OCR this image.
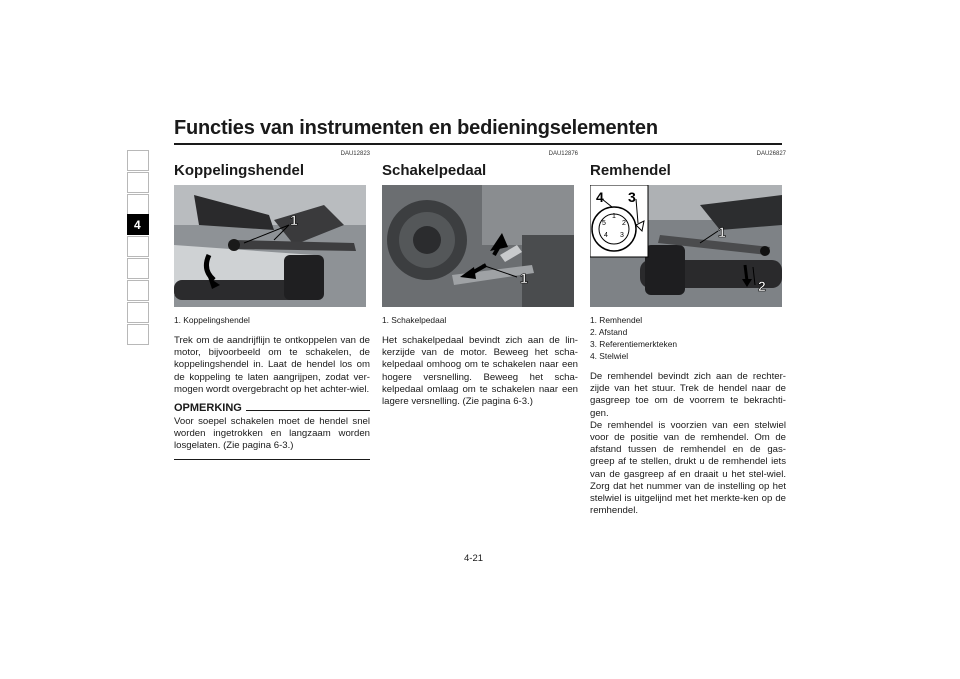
Functies van instrumenten en bedieningselementen
4
DAU12823
Koppelingshendel
1
1. Koppelingshendel

Trek om de aandrijflijn te ontkoppelen van de motor, bijvoorbeeld om te schakelen, de koppelingshendel in. Laat de hendel los om de koppeling te laten aangrijpen, zodat ver-mogen wordt overgebracht op het achter-wiel.

OPMERKING
Voor soepel schakelen moet de hendel snel worden ingetrokken en langzaam worden losgelaten. (Zie pagina 6-3.)
DAU12876
Schakelpedaal
1
1. Schakelpedaal

Het schakelpedaal bevindt zich aan de lin-kerzijde van de motor. Beweeg het scha-kelpedaal omhoog om te schakelen naar een hogere versnelling. Beweeg het scha-kelpedaal omlaag om te schakelen naar een lagere versnelling. (Zie pagina 6-3.)

DAU26827
Remhendel
1
2
3
4
5
4 3
1
2
1. Remhendel
2. Afstand
3. Referentiemerkteken
4. Stelwiel

De remhendel bevindt zich aan de rechter-zijde van het stuur. Trek de hendel naar de gasgreep toe om de voorrem te bekrachti-gen.

De remhendel is voorzien van een stelwiel voor de positie van de remhendel. Om de afstand tussen de remhendel en de gas-greep af te stellen, drukt u de remhendel iets van de gasgreep af en draait u het stel-wiel. Zorg dat het nummer van de instelling op het stelwiel is uitgelijnd met het merkte-ken op de remhendel.

4-21
